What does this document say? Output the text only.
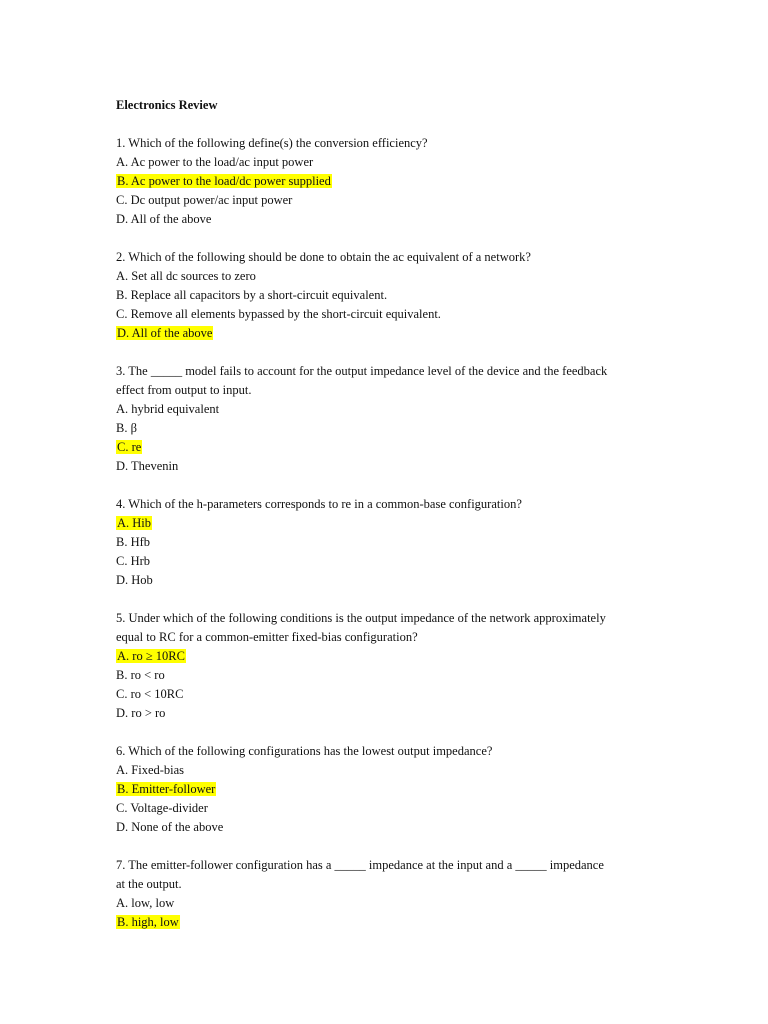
Electronics Review
1. Which of the following define(s) the conversion efficiency?
A. Ac power to the load/ac input power
B. Ac power to the load/dc power supplied
C. Dc output power/ac input power
D. All of the above
2. Which of the following should be done to obtain the ac equivalent of a network?
A. Set all dc sources to zero
B. Replace all capacitors by a short-circuit equivalent.
C. Remove all elements bypassed by the short-circuit equivalent.
D. All of the above
3. The _____ model fails to account for the output impedance level of the device and the feedback
effect from output to input.
A. hybrid equivalent
B. β
C. re
D. Thevenin
4. Which of the h-parameters corresponds to re in a common-base configuration?
A. Hib
B. Hfb
C. Hrb
D. Hob
5. Under which of the following conditions is the output impedance of the network approximately
equal to RC for a common-emitter fixed-bias configuration?
A. ro ≥ 10RC
B. ro < ro
C. ro < 10RC
D. ro > ro
6. Which of the following configurations has the lowest output impedance?
A. Fixed-bias
B. Emitter-follower
C. Voltage-divider
D. None of the above
7. The emitter-follower configuration has a _____ impedance at the input and a _____ impedance
at the output.
A. low, low
B. high, low
